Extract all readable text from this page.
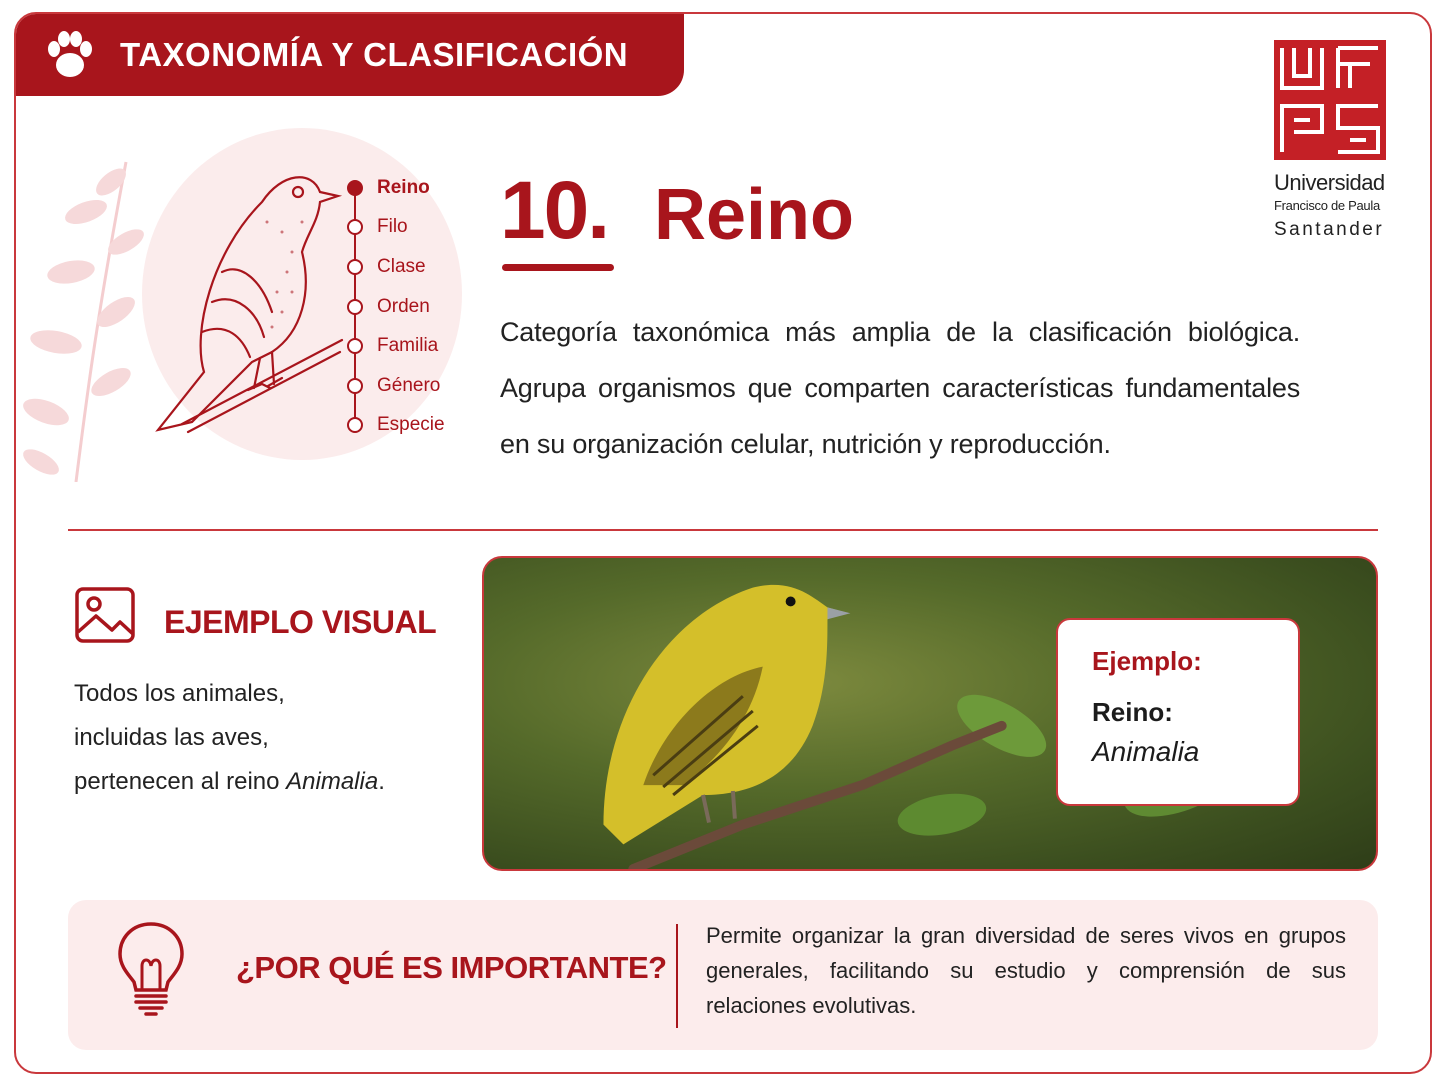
TAXONOMÍA Y CLASIFICACIÓN
Universidad
Francisco de Paula
Santander
Reino
Filo
Clase
Orden
Familia
Género
Especie
10. Reino

Categoría taxonómica más amplia de la clasificación biológica. Agrupa organismos que comparten características fundamentales en su organización celular, nutrición y reproducción.

EJEMPLO VISUAL
Todos los animales,
incluidas las aves,
pertenecen al reino Animalia.
Ejemplo:
Reino:
Animalia
¿POR QUÉ ES IMPORTANTE?

Permite organizar la gran diversidad de seres vivos en grupos generales, facilitando su estudio y comprensión de sus relaciones evolutivas.
